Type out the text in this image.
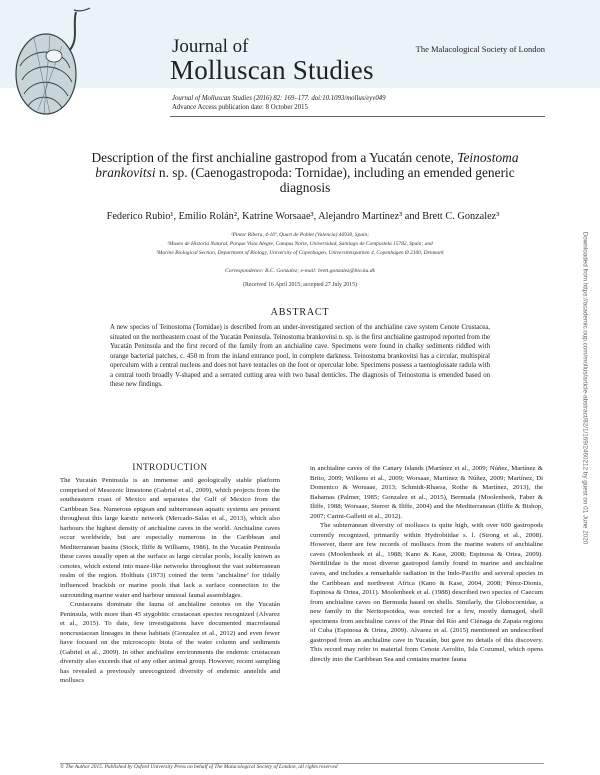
Journal of
Molluscan Studies
The Malacological Society of London
Journal of Molluscan Studies (2016) 82: 169–177. doi:10.1093/mollus/eyv049
Advance Access publication date: 8 October 2015
Description of the first anchialine gastropod from a Yucatán cenote, Teinostoma brankovitsi n. sp. (Caenogastropoda: Tornidae), including an emended generic diagnosis
Federico Rubio¹, Emilio Rolán², Katrine Worsaae³, Alejandro Martínez³ and Brett C. Gonzalez³
¹Pintor Ribera, 4-16ª, Quart de Poblet (Valencia) 46930, Spain;
²Museo de Historia Natural, Parque Vista Alegre, Campus Norte, Universidad, Santiago de Compostela 15782, Spain; and
³Marine Biological Section, Department of Biology, University of Copenhagen, Universitetsparken 4, Copenhagen Ø 2100, Denmark
Correspondence: B.C. Gonzalez; e-mail: brett.gonzalez@bio.ku.dk
(Received 16 April 2015; accepted 27 July 2015)
ABSTRACT
A new species of Teinostoma (Tornidae) is described from an under-investigated section of the anchialine cave system Cenote Crustacea, situated on the northeastern coast of the Yucatán Peninsula. Teinostoma brankovitsi n. sp. is the first anchialine gastropod reported from the Yucatán Peninsula and the first record of the family from an anchialine cave. Specimens were found in chalky sediments riddled with orange bacterial patches, c. 450 m from the inland entrance pool, in complete darkness. Teinostoma brankovitsi has a circular, multispiral operculum with a central nucleus and does not have tentacles on the foot or opercular lobe. Specimens possess a taenioglossate radula with a central tooth broadly V-shaped and a serrated cutting area with two basal denticles. The diagnosis of Teinostoma is emended based on these new findings.
INTRODUCTION

The Yucatán Peninsula is an immense and geologically stable platform comprised of Mesozoic limestone (Gabriel et al., 2009), which projects from the southeastern coast of Mexico and separates the Gulf of Mexico from the Caribbean Sea. Numerous epigean and subterranean aquatic systems are present throughout this large karstic network (Mercado-Salas et al., 2013), which also harbours the highest density of anchialine caves in the world. Anchialine caves occur worldwide, but are especially numerous in the Caribbean and Mediterranean basins (Stock, Iliffe & Williams, 1986). In the Yucatán Peninsula these caves usually open at the surface as large circular pools, locally known as cenotes, which extend into maze-like networks throughout the vast subterranean realm of the region. Holthuis (1973) coined the term ‘anchialine’ for tidally influenced brackish or marine pools that lack a surface connection to the surrounding marine water and harbour unusual faunal assemblages.

Crustaceans dominate the fauna of anchialine cenotes on the Yucatán Peninsula, with more than 45 stygobitic crustacean species recognized (Alvarez et al., 2015). To date, few investigations have documented macrofaunal noncrustacean lineages in these habitats (Gonzalez et al., 2012) and even fewer have focused on the microscopic biota of the water column and sediments (Gabriel et al., 2009). In other anchialine environments the endemic crustacean diversity also exceeds that of any other animal group. However, recent sampling has revealed a previously unrecognized diversity of endemic annelids and molluscs

in anchialine caves of the Canary Islands (Martínez et al., 2009; Núñez, Martínez & Brito, 2009; Wilkens et al., 2009; Worsaae, Martínez & Núñez, 2009; Martínez, Di Domenico & Worsaae, 2013; Schmidt-Rhaesa, Rothe & Martínez, 2013), the Bahamas (Palmer, 1985; Gonzalez et al., 2015), Bermuda (Moolenbeek, Faber & Iliffe, 1988; Worsaae, Sterrer & Iliffe, 2004) and the Mediterranean (Iliffe & Bishop, 2007; Carini-Galletti et al., 2012).

The subterranean diversity of molluscs is quite high, with over 600 gastropods currently recognized, primarily within Hydrobiidae s. l. (Strong et al., 2008). However, there are few records of molluscs from the marine waters of anchialine caves (Moolenbeek et al., 1988; Kano & Kase, 2008; Espinosa & Ortea, 2009). Neritiliidae is the most diverse gastropod family found in marine and anchialine caves, and includes a remarkable radiation in the Indo-Pacific and several species in the Caribbean and northwest Africa (Kano & Kase, 2004, 2008; Pérez-Dionis, Espinosa & Ortea, 2011). Moolenbeek et al. (1988) described two species of Caecum from anchialine caves on Bermuda based on shells. Similarly, the Globocornidae, a new family in the Neritopsoidea, was erected for a few, mostly damaged, shell specimens from anchialine caves of the Pinar del Río and Ciénaga de Zapata regions of Cuba (Espinosa & Ortea, 2009). Alvarez et al. (2015) mentioned an undescribed gastropod from an anchialine cave in Yucatán, but gave no details of this discovery. This record may refer to material from Cenote Aerolito, Isla Cozumel, which opens directly into the Caribbean Sea and contains marine fauna

© The Author 2015. Published by Oxford University Press on behalf of The Malacological Society of London, all rights reserved
Downloaded from https://academic.oup.com/mollus/article-abstract/82/1/169/2460212 by guest on 01 June 2020
